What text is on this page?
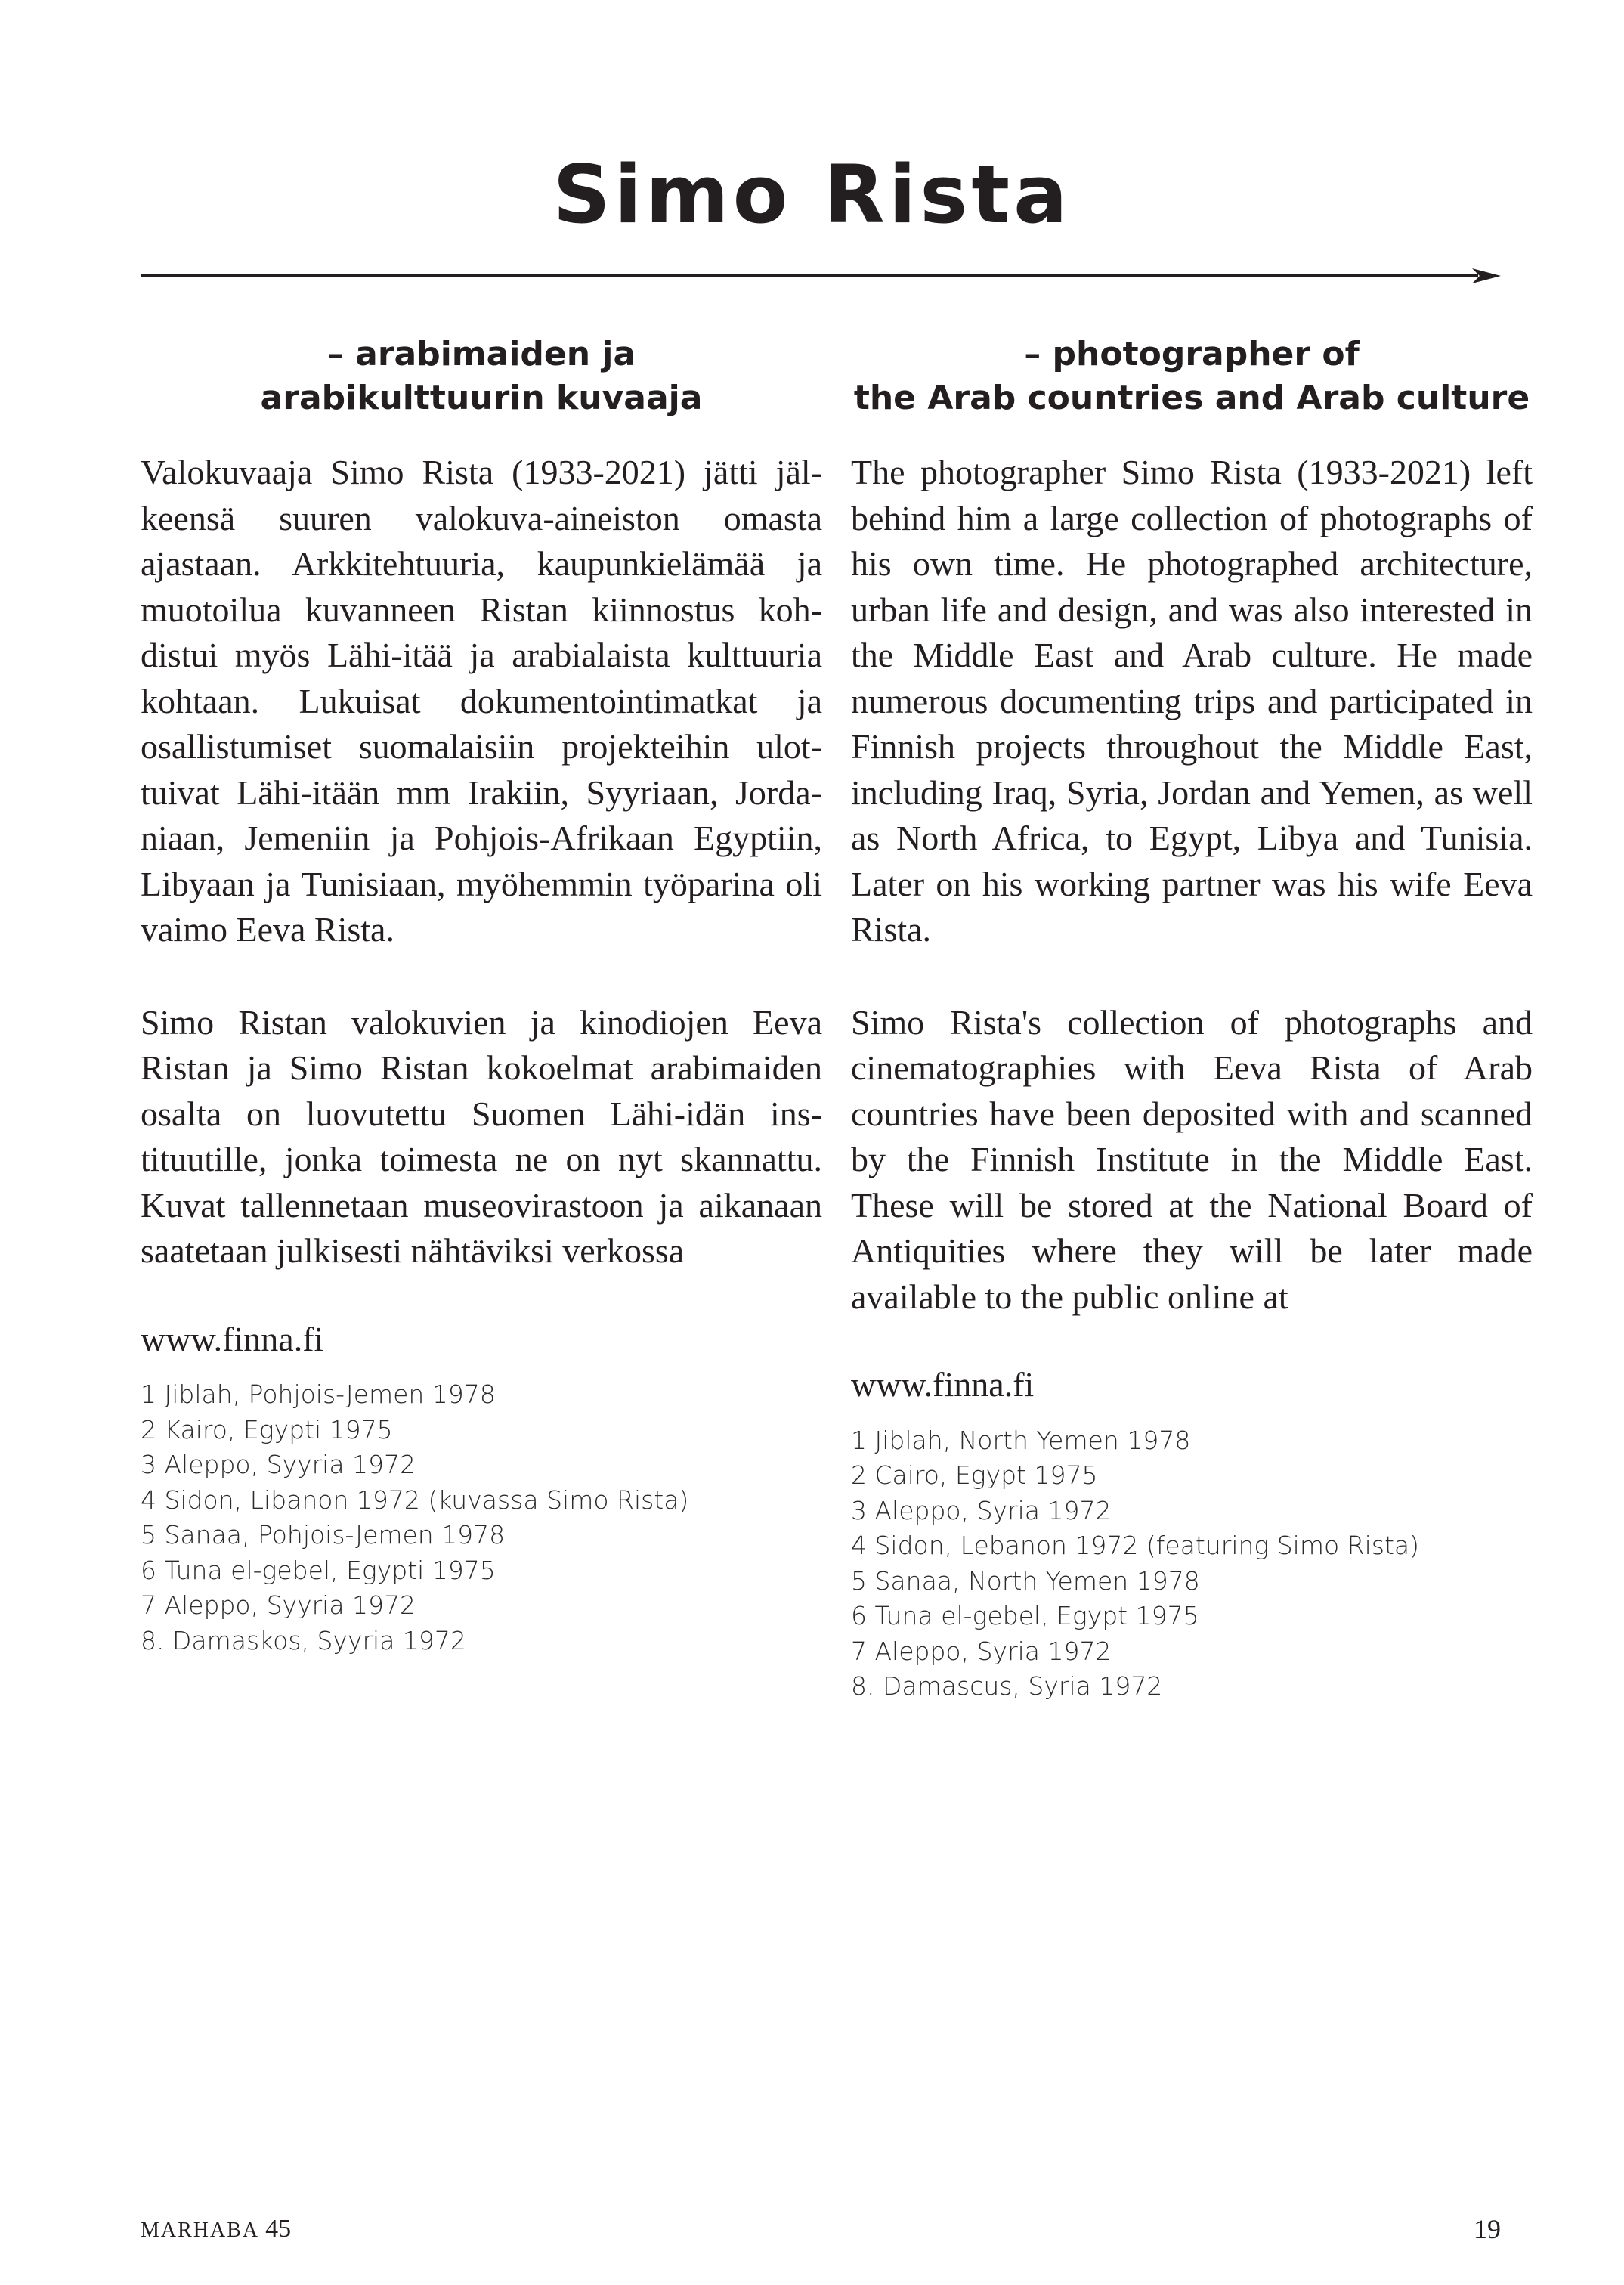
Simo Rista
– arabimaiden ja
arabikulttuurin kuvaaja

Valokuvaaja Simo Rista (1933-2021) jätti jälkeensä suuren valokuva-aineiston omasta ajastaan. Arkkitehtuuria, kaupunkielämää ja muotoilua kuvanneen Ristan kiinnostus kohdistui myös Lähi-itää ja arabialaista kulttuuria kohtaan. Lukuisat dokumentointimatkat ja osallistumiset suomalaisiin projekteihin ulottuivat Lähi-itään mm Irakiin, Syyriaan, Jordaniaan, Jemeniin ja Pohjois-Afrikaan Egyptiin, Libyaan ja Tunisiaan, myöhemmin työparina oli vaimo Eeva Rista.

Simo Ristan valokuvien ja kinodiojen Eeva Ristan ja Simo Ristan kokoelmat arabimaiden osalta on luovutettu Suomen Lähi-idän instituutille, jonka toimesta ne on nyt skannattu. Kuvat tallennetaan museovirastoon ja aikanaan saatetaan julkisesti nähtäviksi verkossa

www.finna.fi

1 Jiblah, Pohjois-Jemen 1978
2 Kairo, Egypti 1975
3 Aleppo, Syyria 1972
4 Sidon, Libanon 1972 (kuvassa Simo Rista)
5 Sanaa, Pohjois-Jemen 1978
6 Tuna el-gebel, Egypti 1975
7 Aleppo, Syyria 1972
8. Damaskos, Syyria 1972
– photographer of
the Arab countries and Arab culture

The photographer Simo Rista (1933-2021) left behind him a large collection of photographs of his own time. He photographed architecture, urban life and design, and was also interested in the Middle East and Arab culture. He made numerous documenting trips and participated in Finnish projects throughout the Middle East, including Iraq, Syria, Jordan and Yemen, as well as North Africa, to Egypt, Libya and Tunisia. Later on his working partner was his wife Eeva Rista.

Simo Rista's collection of photographs and cinematographies with Eeva Rista of Arab countries have been deposited with and scanned by the Finnish Institute in the Middle East. These will be stored at the National Board of Antiquities where they will be later made available to the public online at

www.finna.fi

1 Jiblah, North Yemen 1978
2 Cairo, Egypt 1975
3 Aleppo, Syria 1972
4 Sidon, Lebanon 1972 (featuring Simo Rista)
5 Sanaa, North Yemen 1978
6 Tuna el-gebel, Egypt 1975
7 Aleppo, Syria 1972
8. Damascus, Syria 1972
MARHABA 45	19
